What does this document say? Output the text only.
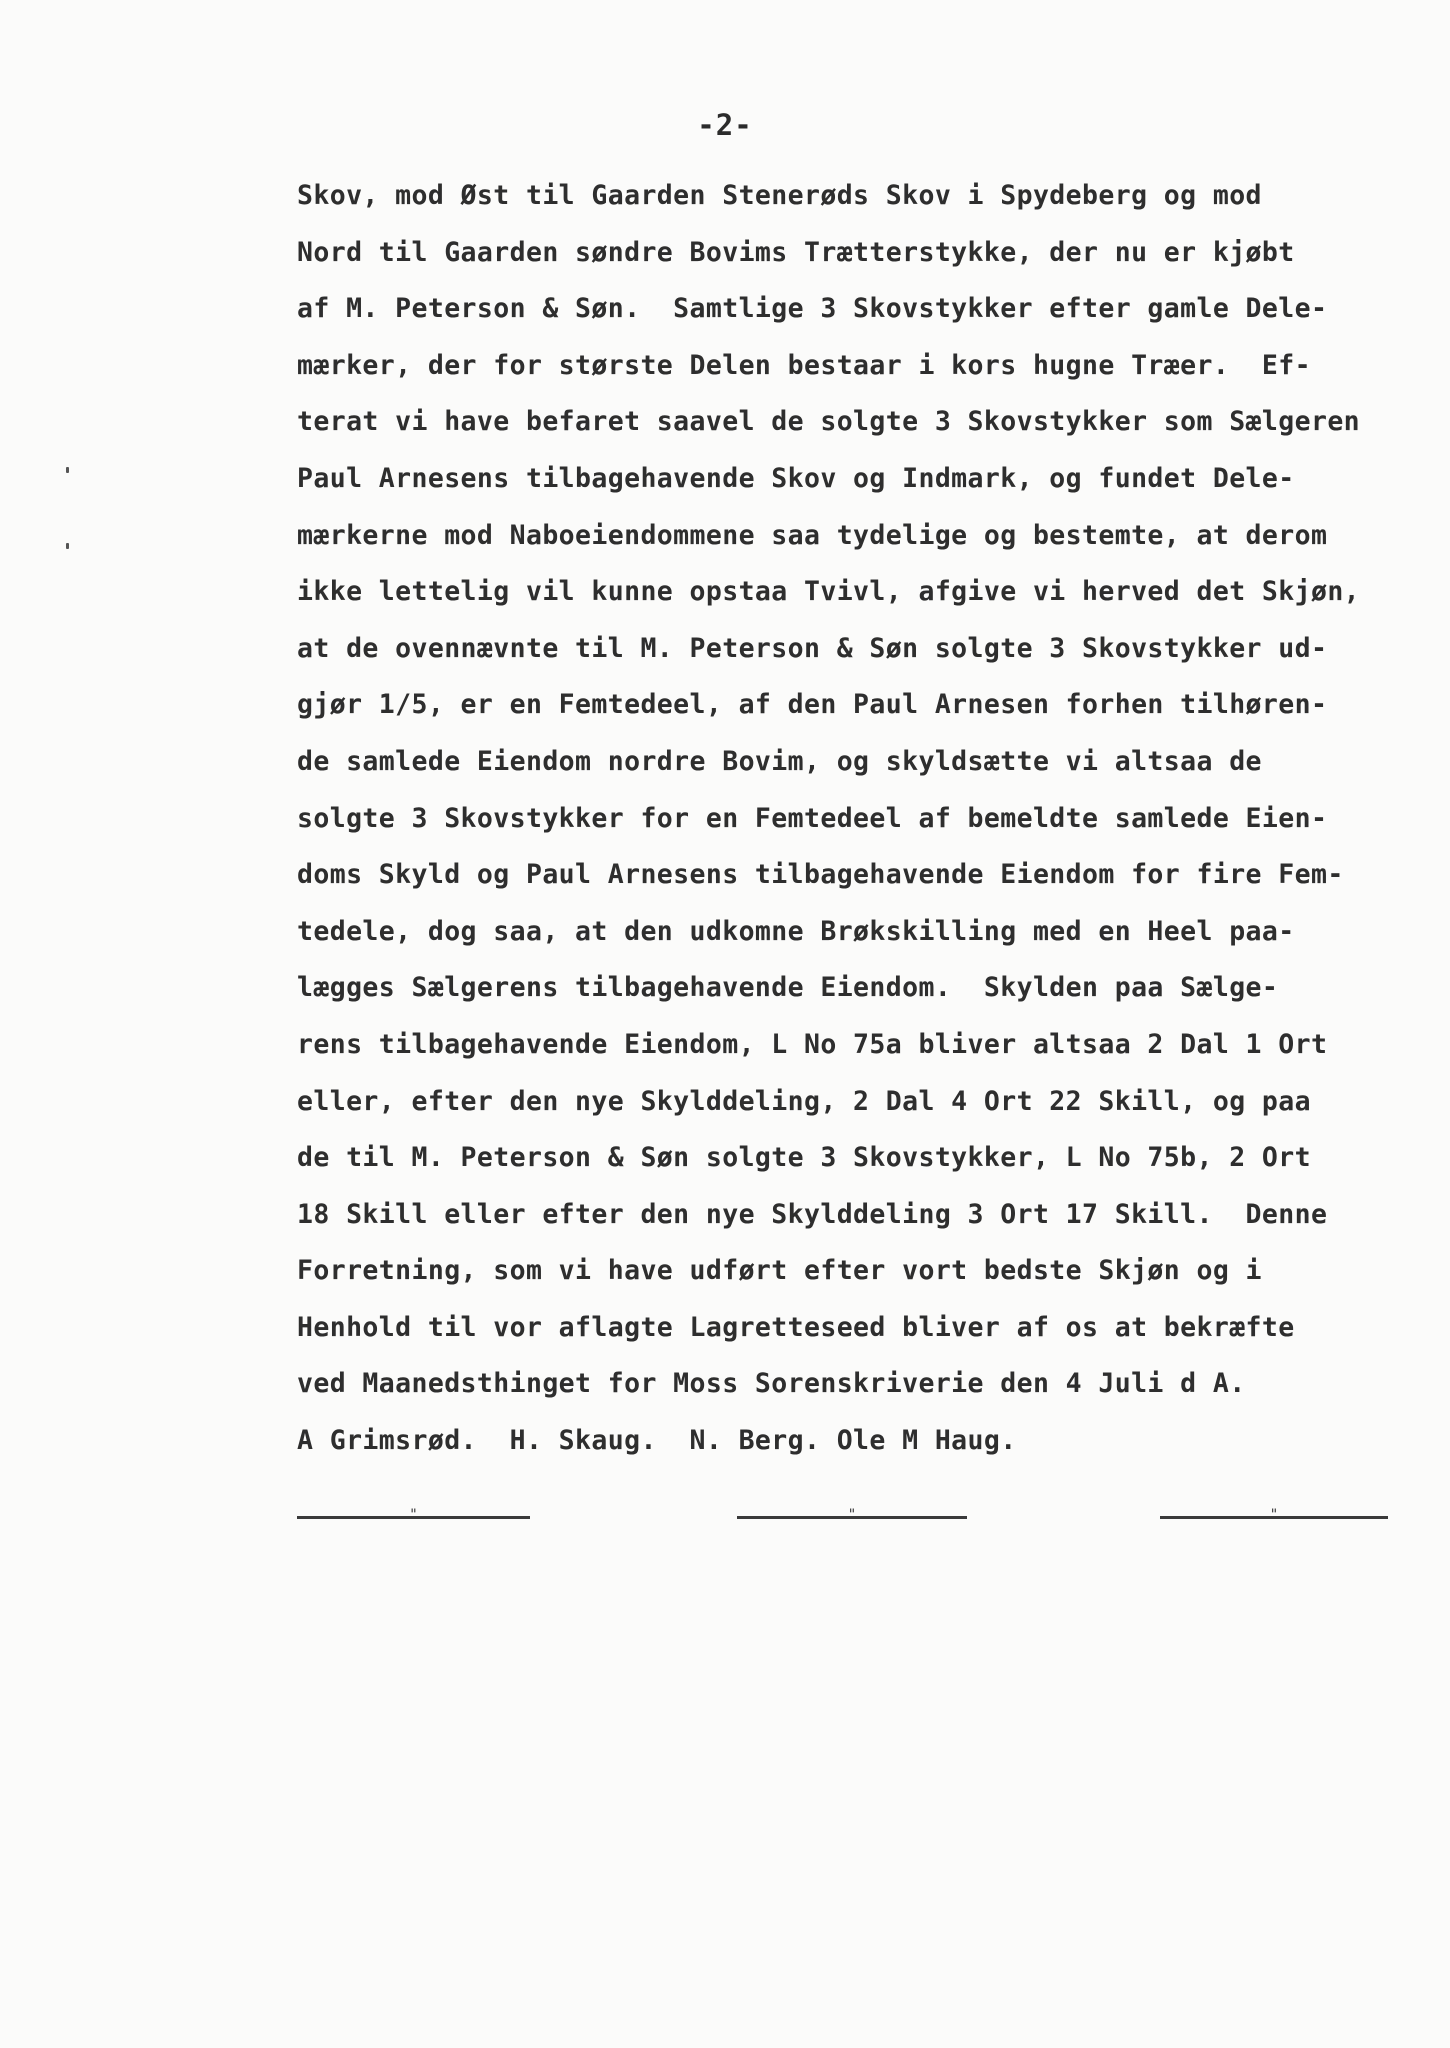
-2-
Skov, mod Øst til Gaarden Stenerøds Skov i Spydeberg og mod
Nord til Gaarden søndre Bovims Trætterstykke, der nu er kjøbt
af M. Peterson & Søn.  Samtlige 3 Skovstykker efter gamle Dele-
mærker, der for største Delen bestaar i kors hugne Træer.  Ef-
terat vi have befaret saavel de solgte 3 Skovstykker som Sælgeren
Paul Arnesens tilbagehavende Skov og Indmark, og fundet Dele-
mærkerne mod Naboeiendommene saa tydelige og bestemte, at derom
ikke lettelig vil kunne opstaa Tvivl, afgive vi herved det Skjøn,
at de ovennævnte til M. Peterson & Søn solgte 3 Skovstykker ud-
gjør 1/5, er en Femtedeel, af den Paul Arnesen forhen tilhøren-
de samlede Eiendom nordre Bovim, og skyldsætte vi altsaa de
solgte 3 Skovstykker for en Femtedeel af bemeldte samlede Eien-
doms Skyld og Paul Arnesens tilbagehavende Eiendom for fire Fem-
tedele, dog saa, at den udkomne Brøkskilling med en Heel paa-
lægges Sælgerens tilbagehavende Eiendom.  Skylden paa Sælge-
rens tilbagehavende Eiendom, L No 75a bliver altsaa 2 Dal 1 Ort
eller, efter den nye Skylddeling, 2 Dal 4 Ort 22 Skill, og paa
de til M. Peterson & Søn solgte 3 Skovstykker, L No 75b, 2 Ort
18 Skill eller efter den nye Skylddeling 3 Ort 17 Skill.  Denne
Forretning, som vi have udført efter vort bedste Skjøn og i
Henhold til vor aflagte Lagretteseed bliver af os at bekræfte
ved Maanedsthinget for Moss Sorenskriverie den 4 Juli d A.
A Grimsrød.  H. Skaug.  N. Berg. Ole M Haug.
"	"	"
